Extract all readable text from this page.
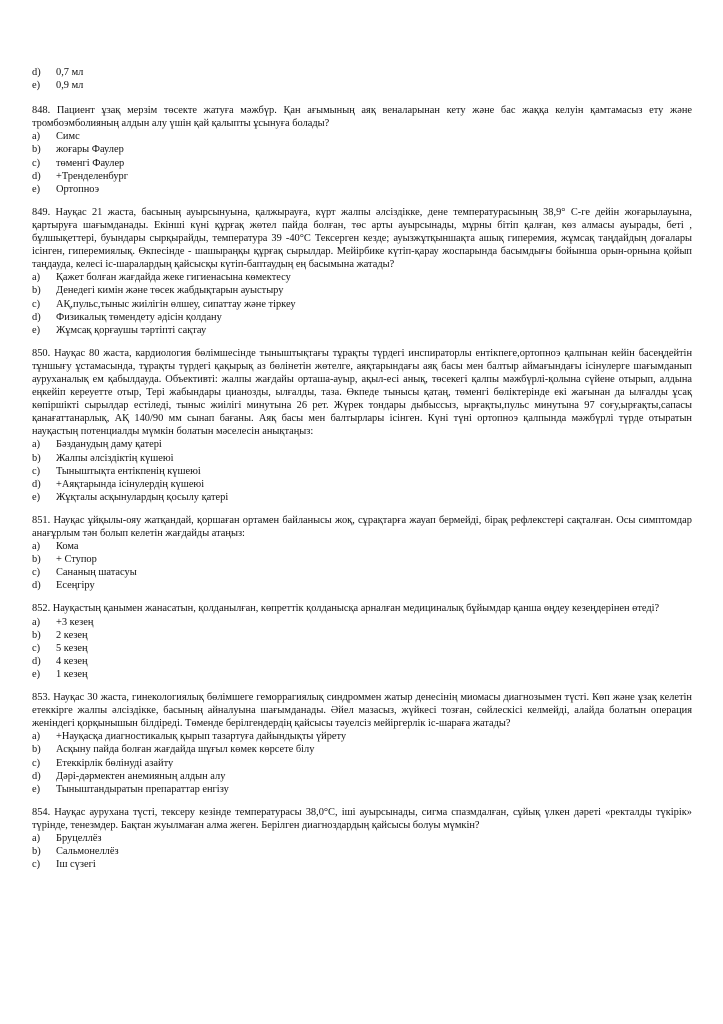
d)	0,7 мл
e)	0,9 мл

848. Пациент ұзақ мерзім төсекте жатуға мәжбүр. Қан ағымының аяқ веналарынан кету және бас жаққа келуін қамтамасыз ету және тромбоэмболияның алдын алу үшін қай қалыпты ұсынуға болады?

a)	Симс
b)	жоғары Фаулер
c)	төменгі Фаулер
d)	+Тренделенбург
e)	Ортопноэ

849. Науқас 21 жаста, басының ауырсынуына, қалжырауға, күрт жалпы әлсіздікке, дене температурасының 38,9° С-ге дейін жоғарылауына, қартыруға шағымданады. Екінші күні құрғақ жөтел пайда болған, төс арты ауырсынады, мұрны бітіп қалған, көз алмасы ауырады, беті , бұлшықеттері, буындары сырқырайды, температура 39 -40°С Тексерген кезде; ауызжұтқыншақта ашық гиперемия, жұмсақ таңдайдың доғалары ісінген, гиперемиялық. Өкпесінде - шашыраңқы құрғақ сырылдар. Мейірбике күтіп-қарау жоспарында басымдығы бойынша орын-орнына қойып таңдауда, келесі іс-шаралардың қайсысқы күтіп-баптаудың ең басымына жатады?

a)	Қажет болған жағдайда жеке гигиенасына көмектесу
b)	Денедегі кимін және төсек жабдықтарын ауыстыру
c)	АҚ,пульс,тыныс жиілігін өлшеу, сипаттау және тіркеу
d)	Физикалық төмендету әдісін қолдану
e)	Жұмсақ қорғаушы тәртіпті сақтау

850. Науқас 80 жаста, кардиология бөлімшесінде тыныштықтағы тұрақты түрдегі инспираторлы ентікпеге,ортопноэ қалпынан кейін басеңдейтін тұншығу ұстамасында, тұрақты түрдегі қақырық аз бөлінетін жөтелге, аяқтарындағы аяқ басы мен балтыр аймағындағы ісінулерге шағымданып ауруханалық ем қабылдауда. Объективті: жалпы жағдайы орташа-ауыр, ақыл-есі анық, төсекегі қалпы мәжбүрлі-қолына сүйене отырып, алдына еңкейіп кереуетте отыр, Тері жабындары цианозды, ылғалды, таза. Өкпеде тынысы қатаң, төменгі бөліктерінде екі жағынан да ылғалды ұсақ көпіршікті сырылдар естіледі, тыныс жиілігі минутына 26 рет. Жүрек тондары дыбыссыз, ырғақты,пульс минутына 97 соғу,ырғақты,сапасы қанағаттанарлық, АҚ 140/90 мм сынап бағаны. Аяқ басы мен балтырлары ісінген. Күні түні ортопноэ қалпында мәжбүрлі түрде отыратын науқастың потенциалды мүмкін болатын мәселесін анықтаңыз:

a)	Бәзданудың даму қатері
b)	Жалпы әлсіздіктің күшеюі
c)	Тыныштықта ентікпенің күшеюі
d)	+Аяқтарында ісінулердің күшеюі
e)	Жұқталы асқынулардың қосылу қатері

851. Науқас ұйқылы-ояу жатқандай, қоршаған ортамен байланысы жоқ, сұрақтарға жауап бермейді, бірақ рефлекстері сақталған. Осы симптомдар анағұрлым тән болып келетін жағдайды атаңыз:

a)	Кома
b)	+ Ступор
c)	Сананың шатасуы
d)	Есеңгіру

852. Науқастың қанымен жанасатын, қолданылған, көпреттік қолданысқа арналған медициналық бұйымдар қанша өңдеу кезеңдерінен өтеді?

a)	+3 кезең
b)	2 кезең
c)	5 кезең
d)	4 кезең
e)	1 кезең

853. Науқас 30 жаста, гинекологиялық бөлімшеге геморрагиялық синдроммен жатыр денесінің миомасы диагнозымен түсті. Көп және ұзақ келетін етеккірге жалпы әлсіздікке, басының айналуына шағымданады. Әйел мазасыз, жүйкесі тозған, сөйлескісі келмейді, алайда болатын операция женіндегі қорқынышын білдіреді. Төменде берілгендердің қайсысы тәуелсіз мейіргерлік іс-шараға жатады?

a)	+Науқасқа диагностикалық қырып тазартуға дайындықты үйрету
b)	Асқыну пайда болған жағдайда шұғыл көмек көрсете білу
c)	Етеккірлік бөлінуді азайту
d)	Дәрі-дәрмектен анемияның алдын алу
e)	Тыныштандыратын препараттар енгізу

854. Науқас аурухана түсті, тексеру кезінде температурасы 38,0°С, іші ауырсынады, сигма спазмдалған, сұйық үлкен дәреті «ректалды түкірік» түрінде, тенезмдер. Бақтан жуылмаған алма жеген. Берілген диагноздардың қайсысы болуы мүмкін?

a)	Бруцеллёз
b)	Сальмонеллёз
c)	Іш сүзегі
